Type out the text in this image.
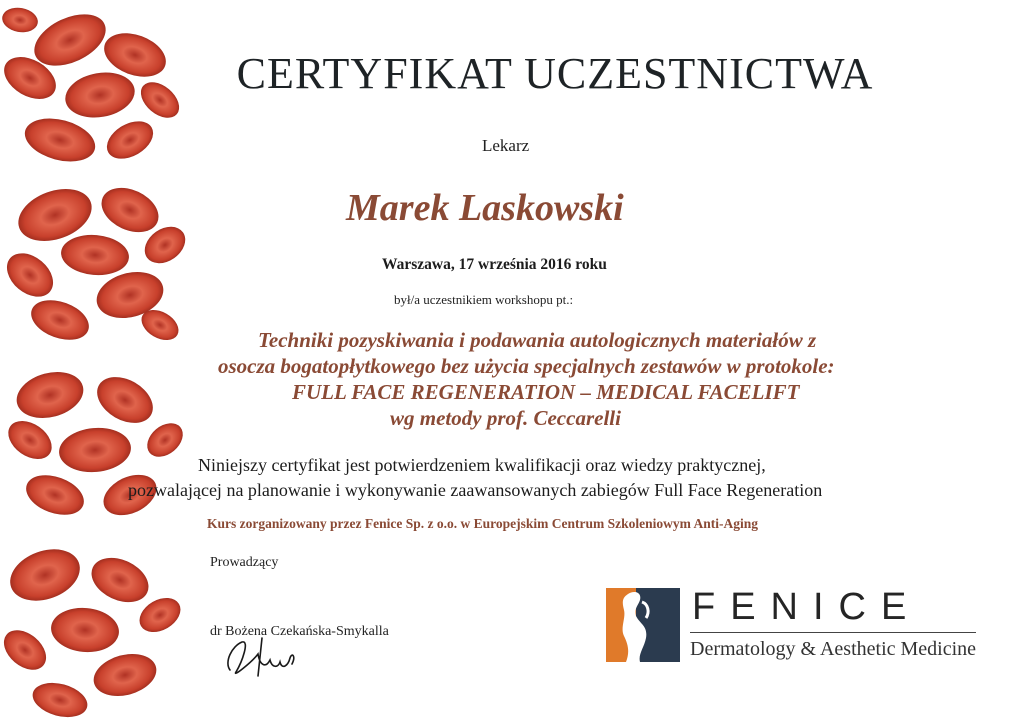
CERTYFIKAT UCZESTNICTWA
Lekarz
Marek Laskowski
Warszawa, 17 września 2016 roku
był/a uczestnikiem workshopu pt.:
Techniki pozyskiwania i podawania autologicznych materiałów z
osocza bogatopłytkowego bez użycia specjalnych zestawów w protokole:
FULL FACE REGENERATION – MEDICAL FACELIFT
wg metody prof. Ceccarelli
Niniejszy certyfikat jest potwierdzeniem kwalifikacji oraz wiedzy praktycznej,
pozwalającej na planowanie i wykonywanie zaawansowanych zabiegów Full Face Regeneration
Kurs zorganizowany przez Fenice Sp. z o.o. w Europejskim Centrum Szkoleniowym Anti-Aging
Prowadzący
dr Bożena Czekańska-Smykalla
FENICE
Dermatology & Aesthetic Medicine
